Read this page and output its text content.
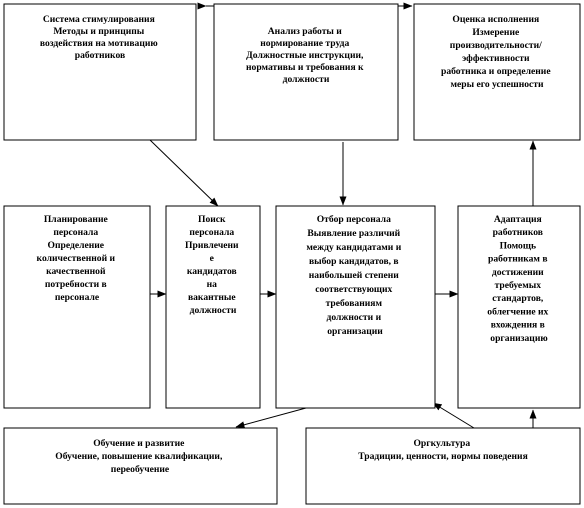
Система стимулирования Методы и принципы воздействия на мотивацию работников
Анализ работы и нормирование труда Должностные инструкции, нормативы и требования к должности
Оценка исполнения Измерение производительности/ эффективности работника и определение меры его успешности
Планирование персонала Определение количественной и качественной потребности в персонале
Поиск персонала Привлечени е кандидатов на вакантные должности
Отбор персонала Выявление различий между кандидатами и выбор кандидатов, в наибольшей степени соответствующих требованиям должности и организации
Адаптация работников Помощь работникам в достижении требуемых стандартов, облегчение их вхождения в организацию
Обучение и развитие Обучение, повышение квалификации, переобучение
Оргкультура Традиции, ценности, нормы поведения
